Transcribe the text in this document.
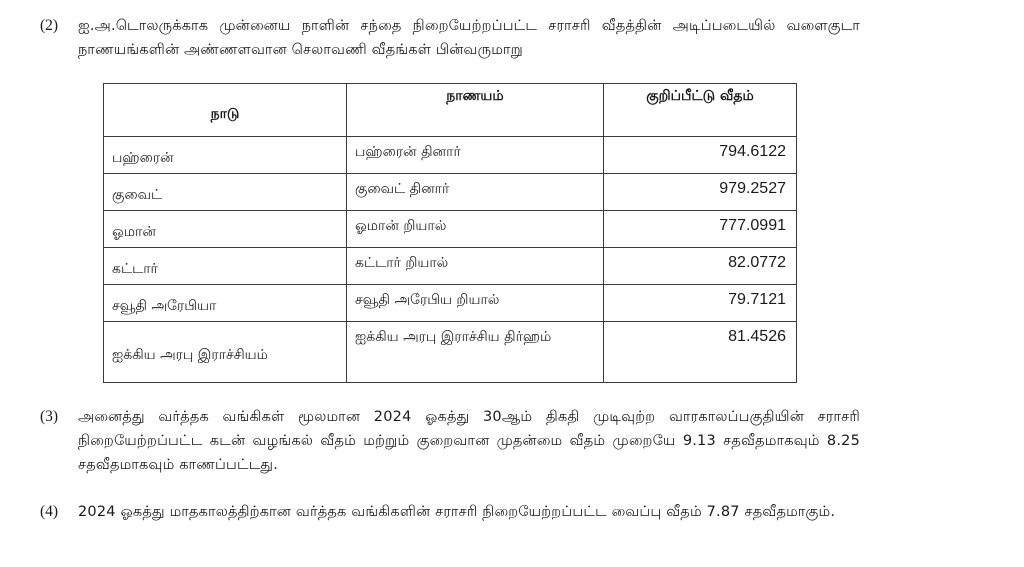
(2)	ஐ.அ.டொலருக்காக முன்னைய நாளின் சந்தை நிறையேற்றப்பட்ட சராசரி வீதத்தின் அடிப்படையில் வளைகுடா நாணயங்களின் அண்ணளவான செலாவணி வீதங்கள் பின்வருமாறு
நாடு	நாணயம்	குறிப்பீட்டு வீதம்
பஹ்ரைன்	பஹ்ரைன் தினார்	794.6122
குவைட்	குவைட் தினார்	979.2527
ஓமான்	ஓமான் றியால்	777.0991
கட்டார்	கட்டார் றியால்	82.0772
சவூதி அரேபியா	சவூதி அரேபிய றியால்	79.7121
ஐக்கிய அரபு இராச்சியம்	ஐக்கிய அரபு இராச்சிய திர்ஹம்	81.4526
(3)	அனைத்து வர்த்தக வங்கிகள் மூலமான 2024 ஓகத்து 30ஆம் திகதி முடிவுற்ற வாரகாலப்பகுதியின் சராசரி நிறையேற்றப்பட்ட கடன் வழங்கல் வீதம் மற்றும் குறைவான முதன்மை வீதம் முறையே 9.13 சதவீதமாகவும் 8.25 சதவீதமாகவும் காணப்பட்டது.
(4)	2024 ஓகத்து மாதகாலத்திற்கான வர்த்தக வங்கிகளின் சராசரி நிறையேற்றப்பட்ட வைப்பு வீதம் 7.87 சதவீதமாகும்.
